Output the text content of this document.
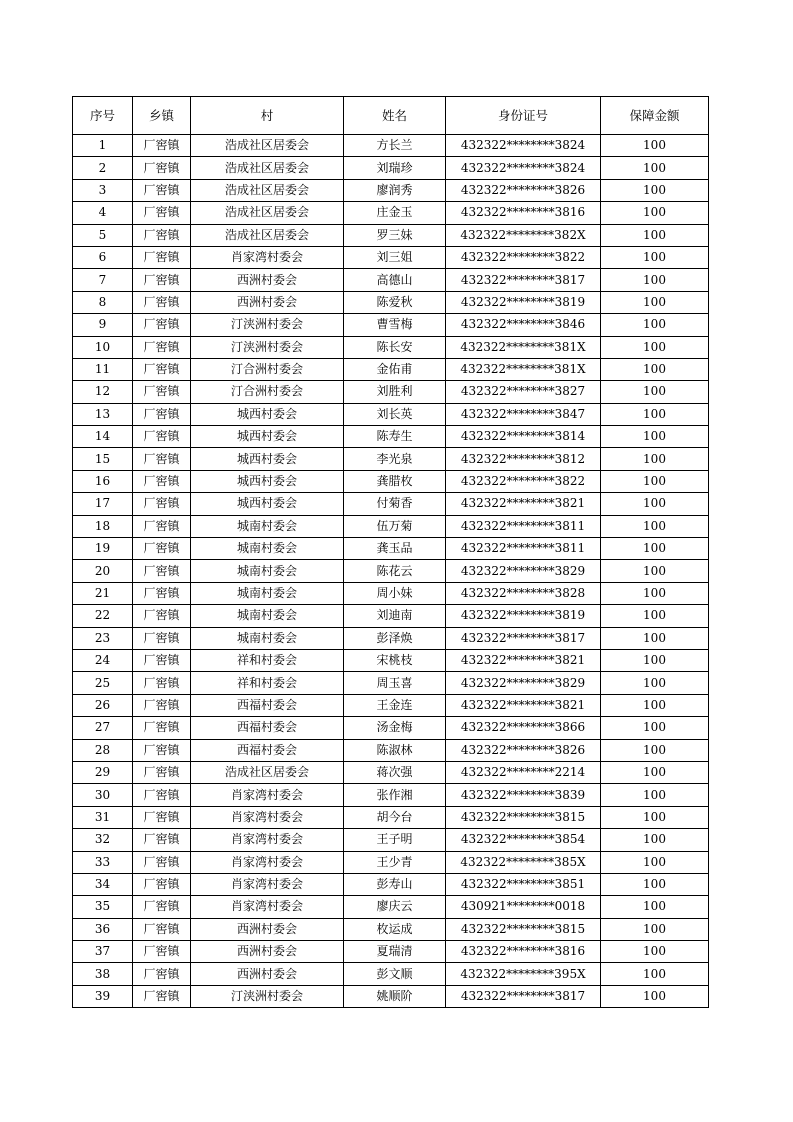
序号	乡镇	村	姓名	身份证号	保障金额
1	厂窖镇	浩成社区居委会	方长兰	432322********3824	100
2	厂窖镇	浩成社区居委会	刘瑞珍	432322********3824	100
3	厂窖镇	浩成社区居委会	廖润秀	432322********3826	100
4	厂窖镇	浩成社区居委会	庄金玉	432322********3816	100
5	厂窖镇	浩成社区居委会	罗三妹	432322********382X	100
6	厂窖镇	肖家湾村委会	刘三姐	432322********3822	100
7	厂窖镇	西洲村委会	高德山	432322********3817	100
8	厂窖镇	西洲村委会	陈爱秋	432322********3819	100
9	厂窖镇	汀浃洲村委会	曹雪梅	432322********3846	100
10	厂窖镇	汀浃洲村委会	陈长安	432322********381X	100
11	厂窖镇	汀合洲村委会	金佑甫	432322********381X	100
12	厂窖镇	汀合洲村委会	刘胜利	432322********3827	100
13	厂窖镇	城西村委会	刘长英	432322********3847	100
14	厂窖镇	城西村委会	陈寿生	432322********3814	100
15	厂窖镇	城西村委会	李光泉	432322********3812	100
16	厂窖镇	城西村委会	龚腊枚	432322********3822	100
17	厂窖镇	城西村委会	付菊香	432322********3821	100
18	厂窖镇	城南村委会	伍万菊	432322********3811	100
19	厂窖镇	城南村委会	龚玉品	432322********3811	100
20	厂窖镇	城南村委会	陈花云	432322********3829	100
21	厂窖镇	城南村委会	周小妹	432322********3828	100
22	厂窖镇	城南村委会	刘迪南	432322********3819	100
23	厂窖镇	城南村委会	彭泽焕	432322********3817	100
24	厂窖镇	祥和村委会	宋桃枝	432322********3821	100
25	厂窖镇	祥和村委会	周玉喜	432322********3829	100
26	厂窖镇	西福村委会	王金连	432322********3821	100
27	厂窖镇	西福村委会	汤金梅	432322********3866	100
28	厂窖镇	西福村委会	陈淑林	432322********3826	100
29	厂窖镇	浩成社区居委会	蒋次强	432322********2214	100
30	厂窖镇	肖家湾村委会	张作湘	432322********3839	100
31	厂窖镇	肖家湾村委会	胡今台	432322********3815	100
32	厂窖镇	肖家湾村委会	王子明	432322********3854	100
33	厂窖镇	肖家湾村委会	王少青	432322********385X	100
34	厂窖镇	肖家湾村委会	彭寿山	432322********3851	100
35	厂窖镇	肖家湾村委会	廖庆云	430921********0018	100
36	厂窖镇	西洲村委会	枚运成	432322********3815	100
37	厂窖镇	西洲村委会	夏瑞清	432322********3816	100
38	厂窖镇	西洲村委会	彭文顺	432322********395X	100
39	厂窖镇	汀浃洲村委会	姚顺阶	432322********3817	100
